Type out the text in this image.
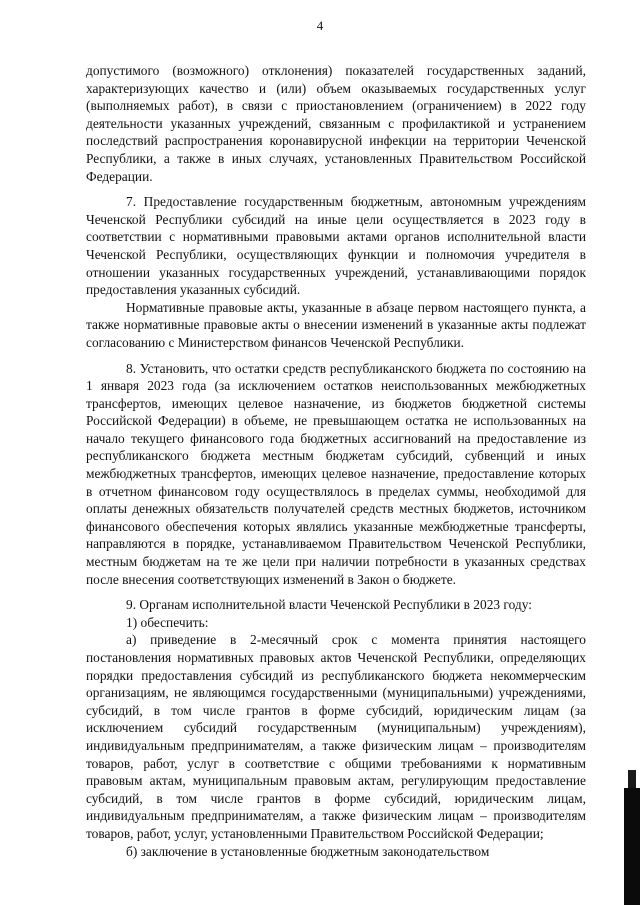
4

допустимого (возможного) отклонения) показателей государственных заданий, характеризующих качество и (или) объем оказываемых государственных услуг (выполняемых работ), в связи с приостановлением (ограничением) в 2022 году деятельности указанных учреждений, связанным с профилактикой и устранением последствий распространения коронавирусной инфекции на территории Чеченской Республики, а также в иных случаях, установленных Правительством Российской Федерации.

7. Предоставление государственным бюджетным, автономным учреждениям Чеченской Республики субсидий на иные цели осуществляется в 2023 году в соответствии с нормативными правовыми актами органов исполнительной власти Чеченской Республики, осуществляющих функции и полномочия учредителя в отношении указанных государственных учреждений, устанавливающими порядок предоставления указанных субсидий.

Нормативные правовые акты, указанные в абзаце первом настоящего пункта, а также нормативные правовые акты о внесении изменений в указанные акты подлежат согласованию с Министерством финансов Чеченской Республики.

8. Установить, что остатки средств республиканского бюджета по состоянию на 1 января 2023 года (за исключением остатков неиспользованных межбюджетных трансфертов, имеющих целевое назначение, из бюджетов бюджетной системы Российской Федерации) в объеме, не превышающем остатка не использованных на начало текущего финансового года бюджетных ассигнований на предоставление из республиканского бюджета местным бюджетам субсидий, субвенций и иных межбюджетных трансфертов, имеющих целевое назначение, предоставление которых в отчетном финансовом году осуществлялось в пределах суммы, необходимой для оплаты денежных обязательств получателей средств местных бюджетов, источником финансового обеспечения которых являлись указанные межбюджетные трансферты, направляются в порядке, устанавливаемом Правительством Чеченской Республики, местным бюджетам на те же цели при наличии потребности в указанных средствах после внесения соответствующих изменений в Закон о бюджете.

9. Органам исполнительной власти Чеченской Республики в 2023 году:

1) обеспечить:

а) приведение в 2-месячный срок с момента принятия настоящего постановления нормативных правовых актов Чеченской Республики, определяющих порядки предоставления субсидий из республиканского бюджета некоммерческим организациям, не являющимся государственными (муниципальными) учреждениями, субсидий, в том числе грантов в форме субсидий, юридическим лицам (за исключением субсидий государственным (муниципальным) учреждениям), индивидуальным предпринимателям, а также физическим лицам – производителям товаров, работ, услуг в соответствие с общими требованиями к нормативным правовым актам, муниципальным правовым актам, регулирующим предоставление субсидий, в том числе грантов в форме субсидий, юридическим лицам, индивидуальным предпринимателям, а также физическим лицам – производителям товаров, работ, услуг, установленными Правительством Российской Федерации;

б) заключение в установленные бюджетным законодательством
